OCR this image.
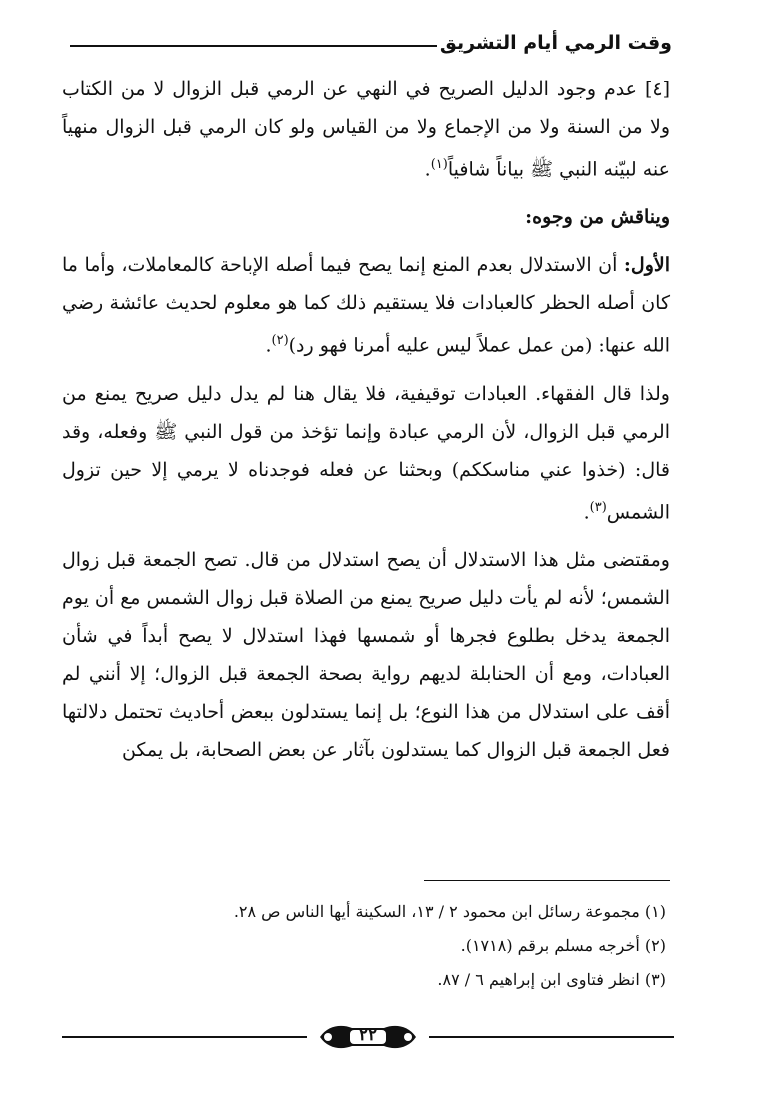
وقت الرمي أيام التشريق

[٤] عدم وجود الدليل الصريح في النهي عن الرمي قبل الزوال لا من الكتاب ولا من السنة ولا من الإجماع ولا من القياس ولو كان الرمي قبل الزوال منهياً عنه لبيّنه النبي ﷺ بياناً شافياً$^{(١)}$.

ويناقش من وجوه:

الأول: أن الاستدلال بعدم المنع إنما يصح فيما أصله الإباحة كالمعاملات، وأما ما كان أصله الحظر كالعبادات فلا يستقيم ذلك كما هو معلوم لحديث عائشة رضي الله عنها: (من عمل عملاً ليس عليه أمرنا فهو رد)$^{(٢)}$.

ولذا قال الفقهاء. العبادات توقيفية، فلا يقال هنا لم يدل دليل صريح يمنع من الرمي قبل الزوال، لأن الرمي عبادة وإنما تؤخذ من قول النبي ﷺ وفعله، وقد قال: (خذوا عني مناسككم) وبحثنا عن فعله فوجدناه لا يرمي إلا حين تزول الشمس$^{(٣)}$.

ومقتضى مثل هذا الاستدلال أن يصح استدلال من قال. تصح الجمعة قبل زوال الشمس؛ لأنه لم يأت دليل صريح يمنع من الصلاة قبل زوال الشمس مع أن يوم الجمعة يدخل بطلوع فجرها أو شمسها فهذا استدلال لا يصح أبداً في شأن العبادات، ومع أن الحنابلة لديهم رواية بصحة الجمعة قبل الزوال؛ إلا أنني لم أقف على استدلال من هذا النوع؛ بل إنما يستدلون ببعض أحاديث تحتمل دلالتها فعل الجمعة قبل الزوال كما يستدلون بآثار عن بعض الصحابة، بل يمكن

(١) مجموعة رسائل ابن محمود ٢ / ١٣، السكينة أيها الناس ص ٢٨.
(٢) أخرجه مسلم برقم (١٧١٨).
(٣) انظر فتاوى ابن إبراهيم ٦ / ٨٧.
٢٢
